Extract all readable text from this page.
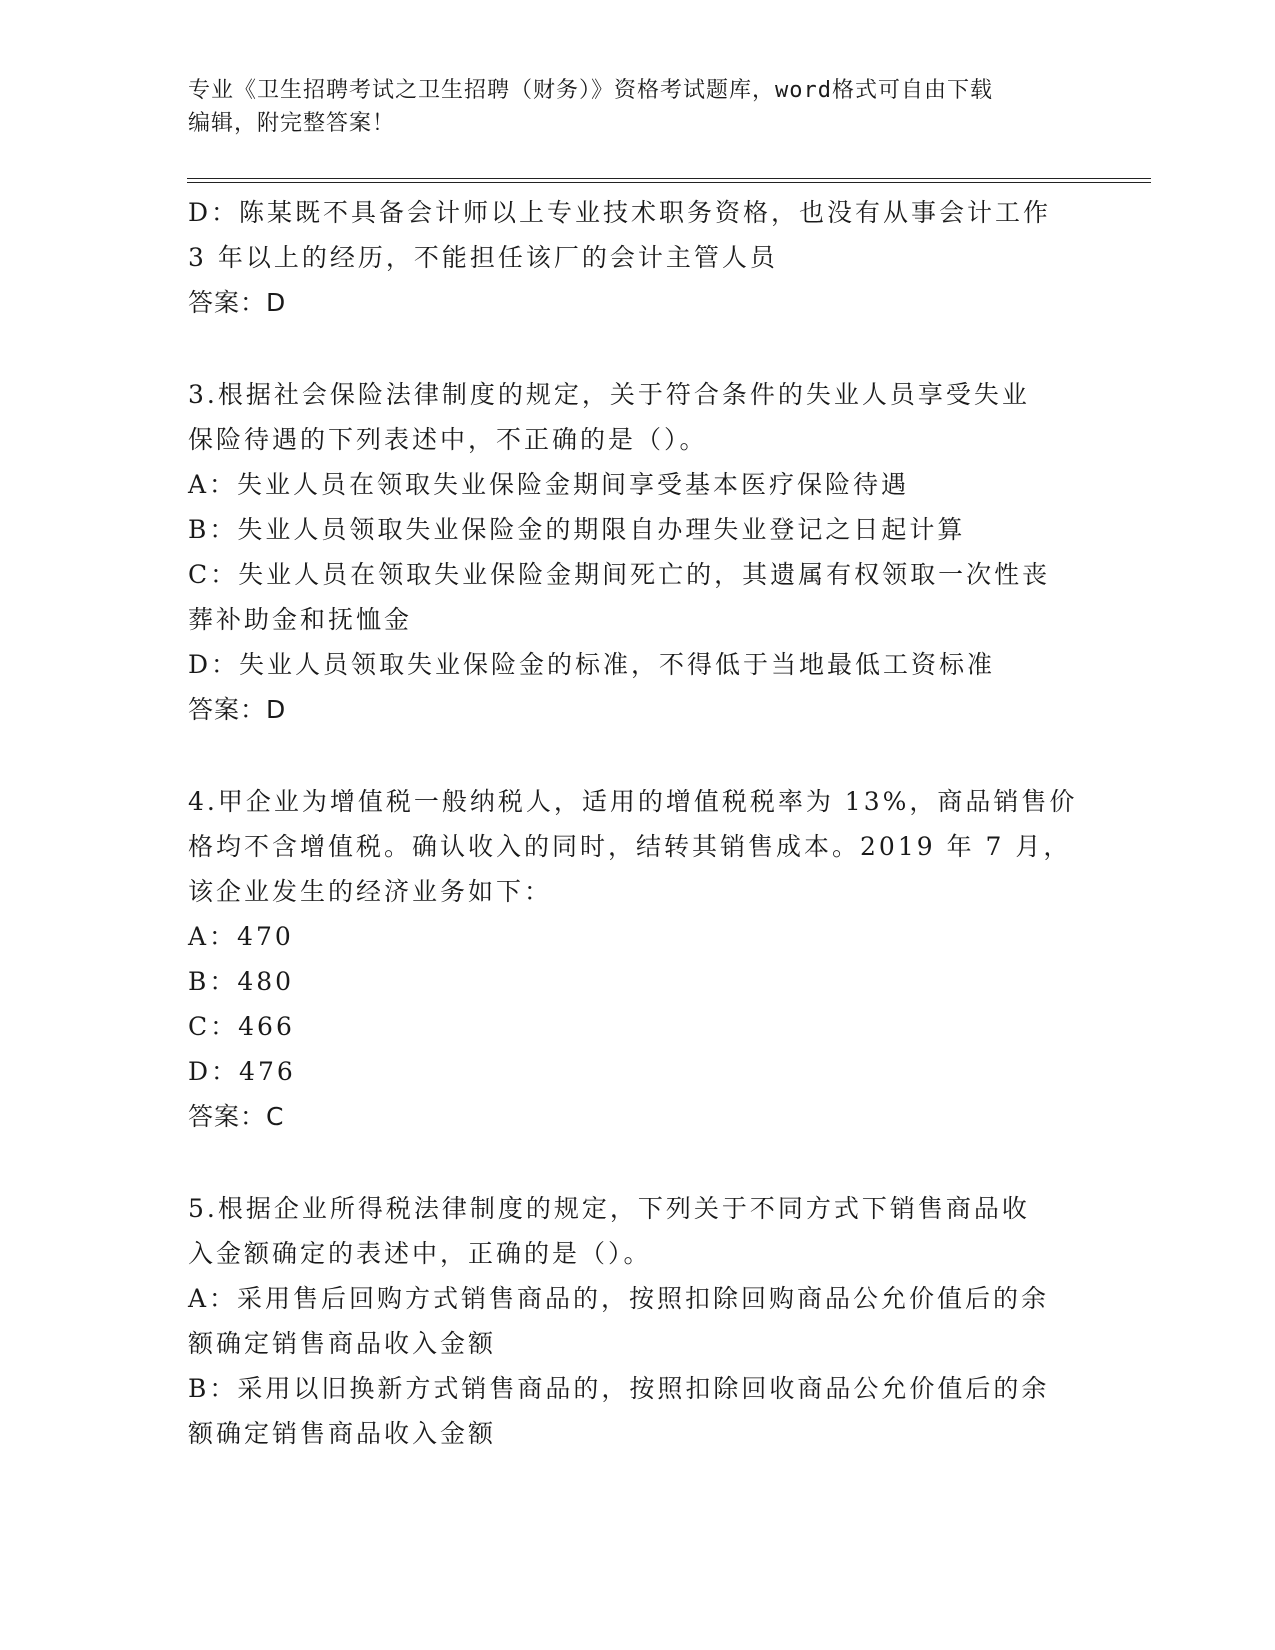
专业《卫生招聘考试之卫生招聘（财务）》资格考试题库，word格式可自由下载
编辑，附完整答案！
D：陈某既不具备会计师以上专业技术职务资格，也没有从事会计工作
3 年以上的经历，不能担任该厂的会计主管人员
答案：D
3.根据社会保险法律制度的规定，关于符合条件的失业人员享受失业
保险待遇的下列表述中，不正确的是（）。
A：失业人员在领取失业保险金期间享受基本医疗保险待遇
B：失业人员领取失业保险金的期限自办理失业登记之日起计算
C：失业人员在领取失业保险金期间死亡的，其遗属有权领取一次性丧
葬补助金和抚恤金
D：失业人员领取失业保险金的标准，不得低于当地最低工资标准
答案：D
4.甲企业为增值税一般纳税人，适用的增值税税率为 13%，商品销售价
格均不含增值税。确认收入的同时，结转其销售成本。2019 年 7 月，
该企业发生的经济业务如下：
A：470
B：480
C：466
D：476
答案：C
5.根据企业所得税法律制度的规定，下列关于不同方式下销售商品收
入金额确定的表述中，正确的是（）。
A：采用售后回购方式销售商品的，按照扣除回购商品公允价值后的余
额确定销售商品收入金额
B：采用以旧换新方式销售商品的，按照扣除回收商品公允价值后的余
额确定销售商品收入金额
